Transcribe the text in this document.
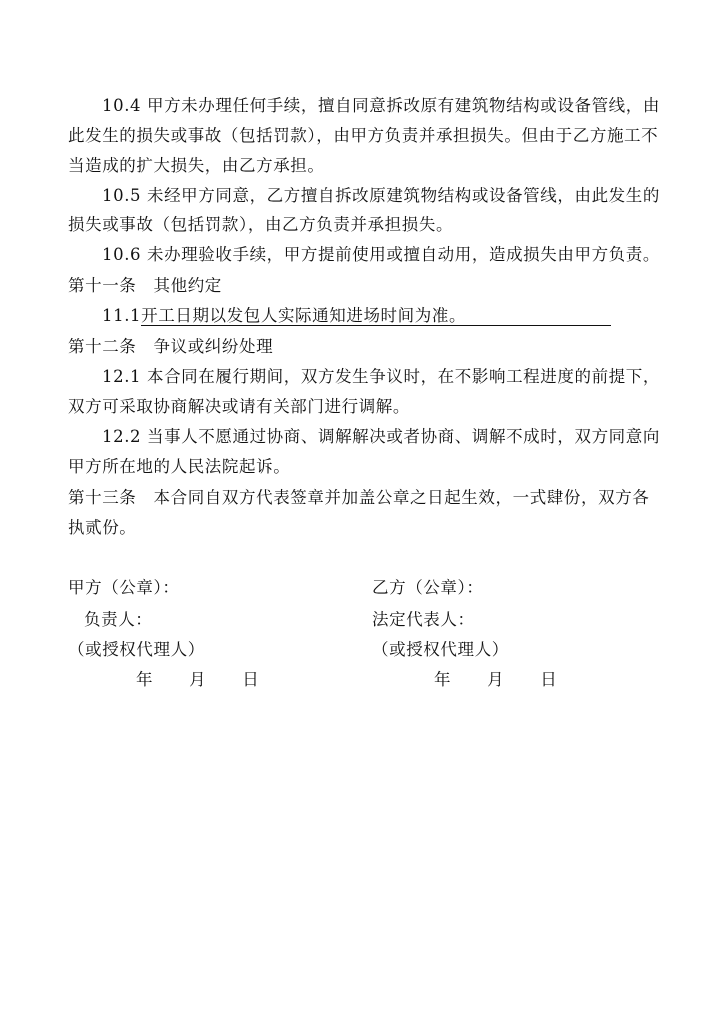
10.4 甲方未办理任何手续，擅自同意拆改原有建筑物结构或设备管线，由
此发生的损失或事故（包括罚款），由甲方负责并承担损失。但由于乙方施工不
当造成的扩大损失，由乙方承担。
10.5 未经甲方同意，乙方擅自拆改原建筑物结构或设备管线，由此发生的
损失或事故（包括罚款），由乙方负责并承担损失。
10.6 未办理验收手续，甲方提前使用或擅自动用，造成损失由甲方负责。
第十一条　其他约定
11.1开工日期以发包人实际通知进场时间为准。
第十二条　争议或纠纷处理
12.1 本合同在履行期间，双方发生争议时，在不影响工程进度的前提下，
双方可采取协商解决或请有关部门进行调解。
12.2 当事人不愿通过协商、调解解决或者协商、调解不成时，双方同意向
甲方所在地的人民法院起诉。
第十三条　本合同自双方代表签章并加盖公章之日起生效，一式肆份，双方各
执贰份。
甲方（公章）：
负责人：
（或授权代理人）
年 月 日
乙方（公章）：
法定代表人：
（或授权代理人）
年 月 日
